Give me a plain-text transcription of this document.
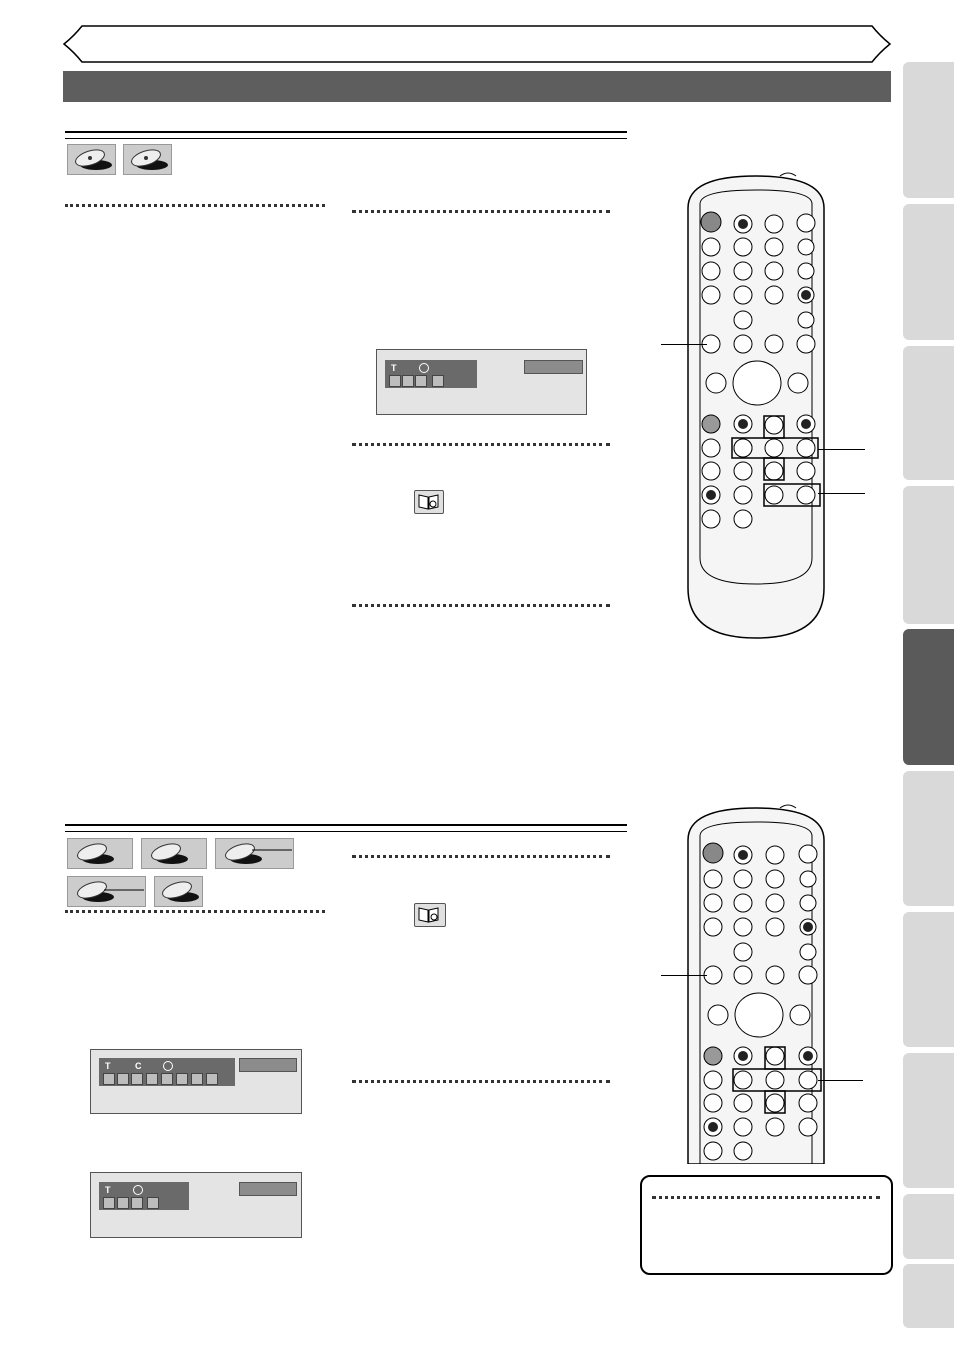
T
T	C
T
